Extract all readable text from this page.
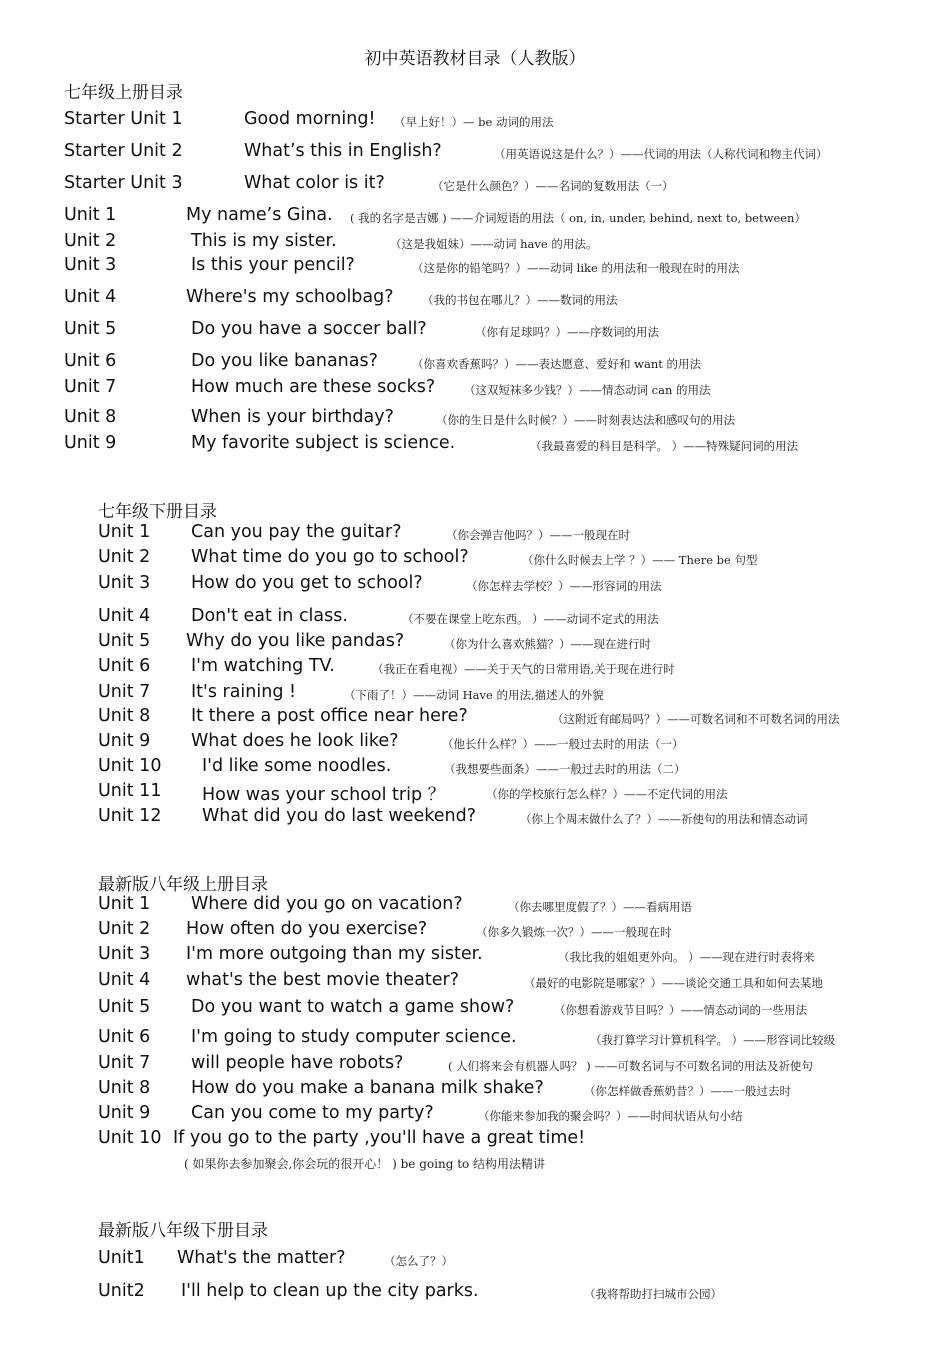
初中英语教材目录（人教版）
七年级上册目录
Starter Unit 1	Good morning! （早上好！）— be 动词的用法
Starter Unit 2	What’s this in English?	（用英语说这是什么？）——代词的用法（人称代词和物主代词）
Starter Unit 3	What color is it?	（它是什么颜色？）——名词的复数用法（一）
Unit 1	My name’s Gina. ( 我的名字是吉娜 ) ——介词短语的用法（ on, in, under, behind, next to, between）
Unit 2	This is my sister.	（这是我姐妹）——动词 have 的用法。
Unit 3	Is this your pencil?	（这是你的铅笔吗？）——动词 like 的用法和一般现在时的用法
Unit 4	Where's my schoolbag? （我的书包在哪儿？）——数词的用法
Unit 5	Do you have a soccer ball?	（你有足球吗？）——序数词的用法
Unit 6	Do you like bananas?	（你喜欢香蕉吗？）——表达愿意、爱好和 want 的用法
Unit 7	How much are these socks?	（这双短袜多少钱？）——情态动词 can 的用法
Unit 8	When is your birthday?	（你的生日是什么时候？）——时刻表达法和感叹句的用法
Unit 9	My favorite subject is science.	（我最喜爱的科目是科学。 ）——特殊疑问词的用法
七年级下册目录
Unit 1 Can you pay the guitar?	（你会弹吉他吗？）——一般现在时
Unit 2 What time do you go to school?	（你什么时候去上学 ？）—— There be 句型
Unit 3 How do you get to school?	（你怎样去学校？）——形容词的用法
Unit 4 Don't eat in class.	（不要在课堂上吃东西。 ）——动词不定式的用法
Unit 5 Why do you like pandas?	（你为什么喜欢熊猫？）——现在进行时
Unit 6 I'm watching TV.	（我正在看电视）——关于天气的日常用语,关于现在进行时
Unit 7 It's raining !	（下雨了！）——动词 Have 的用法,描述人的外貌
Unit 8 It there a post office near here?	（这附近有邮局吗？）——可数名词和不可数名词的用法
Unit 9 What does he look like?	（他长什么样？）——一般过去时的用法（一）
Unit 10 I'd like some noodles.	（我想要些面条）——一般过去时的用法（二）
Unit 11 How was your school trip ？	（你的学校旅行怎么样？）——不定代词的用法
Unit 12 What did you do last weekend?	（你上个周末做什么了？）——祈使句的用法和情态动词
最新版八年级上册目录
Unit 1 Where did you go on vacation?	（你去哪里度假了？）——看病用语
Unit 2 How often do you exercise?	（你多久锻炼一次？）——一般现在时
Unit 3 I'm more outgoing than my sister.	（我比我的姐姐更外向。 ）——现在进行时表将来
Unit 4 what's the best movie theater?	（最好的电影院是哪家？）——谈论交通工具和如何去某地
Unit 5 Do you want to watch a game show?	（你想看游戏节目吗？）——情态动词的一些用法
Unit 6 I'm going to study computer science.	（我打算学习计算机科学。 ）——形容词比较级
Unit 7 will people have robots?	( 人们将来会有机器人吗？ ) ——可数名词与不可数名词的用法及祈使句
Unit 8 How do you make a banana milk shake?	（你怎样做香蕉奶昔？）——一般过去时
Unit 9 Can you come to my party?	（你能来参加我的聚会吗？）——时间状语从句小结
Unit 10 If you go to the party ,you'll have a great time!
( 如果你去参加聚会,你会玩的很开心！ ) be going to 结构用法精讲
最新版八年级下册目录
Unit1 What's the matter?	（怎么了？）
Unit2 I'll help to clean up the city parks.	（我将帮助打扫城市公园）
